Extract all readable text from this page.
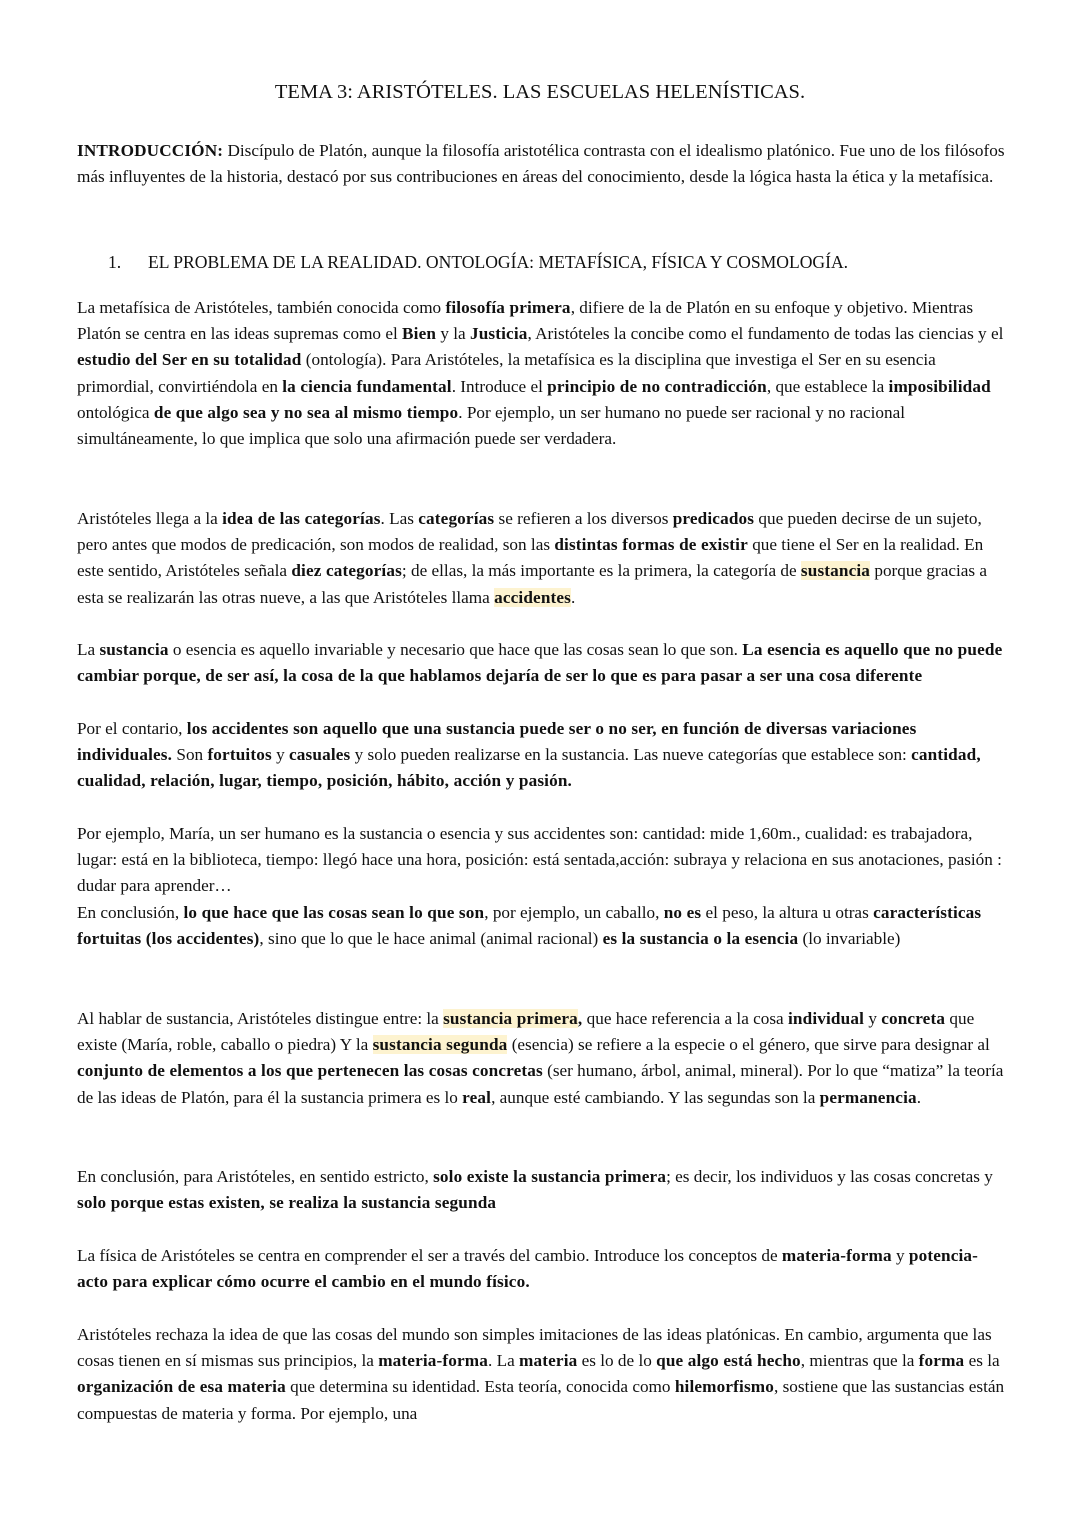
TEMA 3: ARISTÓTELES. LAS ESCUELAS HELENÍSTICAS.

INTRODUCCIÓN: Discípulo de Platón, aunque la filosofía aristotélica contrasta con el idealismo platónico. Fue uno de los filósofos más influyentes de la historia, destacó por sus contribuciones en áreas del conocimiento, desde la lógica hasta la ética y la metafísica.

1. EL PROBLEMA DE LA REALIDAD. ONTOLOGÍA: METAFÍSICA, FÍSICA Y COSMOLOGÍA.

La metafísica de Aristóteles, también conocida como filosofía primera, difiere de la de Platón en su enfoque y objetivo. Mientras Platón se centra en las ideas supremas como el Bien y la Justicia, Aristóteles la concibe como el fundamento de todas las ciencias y el estudio del Ser en su totalidad (ontología). Para Aristóteles, la metafísica es la disciplina que investiga el Ser en su esencia primordial, convirtiéndola en la ciencia fundamental. Introduce el principio de no contradicción, que establece la imposibilidad ontológica de que algo sea y no sea al mismo tiempo. Por ejemplo, un ser humano no puede ser racional y no racional simultáneamente, lo que implica que solo una afirmación puede ser verdadera.

Aristóteles llega a la idea de las categorías. Las categorías se refieren a los diversos predicados que pueden decirse de un sujeto, pero antes que modos de predicación, son modos de realidad, son las distintas formas de existir que tiene el Ser en la realidad. En este sentido, Aristóteles señala diez categorías; de ellas, la más importante es la primera, la categoría de sustancia porque gracias a esta se realizarán las otras nueve, a las que Aristóteles llama accidentes.

La sustancia o esencia es aquello invariable y necesario que hace que las cosas sean lo que son. La esencia es aquello que no puede cambiar porque, de ser así, la cosa de la que hablamos dejaría de ser lo que es para pasar a ser una cosa diferente

Por el contario, los accidentes son aquello que una sustancia puede ser o no ser, en función de diversas variaciones individuales. Son fortuitos y casuales y solo pueden realizarse en la sustancia. Las nueve categorías que establece son: cantidad, cualidad, relación, lugar, tiempo, posición, hábito, acción y pasión.

Por ejemplo, María, un ser humano es la sustancia o esencia y sus accidentes son: cantidad: mide 1,60m., cualidad: es trabajadora, lugar: está en la biblioteca, tiempo: llegó hace una hora, posición: está sentada,acción: subraya y relaciona en sus anotaciones, pasión : dudar para aprender…

En conclusión, lo que hace que las cosas sean lo que son, por ejemplo, un caballo, no es el peso, la altura u otras características fortuitas (los accidentes), sino que lo que le hace animal (animal racional) es la sustancia o la esencia (lo invariable)

Al hablar de sustancia, Aristóteles distingue entre: la sustancia primera, que hace referencia a la cosa individual y concreta que existe (María, roble, caballo o piedra) Y la sustancia segunda (esencia) se refiere a la especie o el género, que sirve para designar al conjunto de elementos a los que pertenecen las cosas concretas (ser humano, árbol, animal, mineral). Por lo que “matiza” la teoría de las ideas de Platón, para él la sustancia primera es lo real, aunque esté cambiando. Y las segundas son la permanencia.

En conclusión, para Aristóteles, en sentido estricto, solo existe la sustancia primera; es decir, los individuos y las cosas concretas y solo porque estas existen, se realiza la sustancia segunda

La física de Aristóteles se centra en comprender el ser a través del cambio. Introduce los conceptos de materia-forma y potencia-acto para explicar cómo ocurre el cambio en el mundo físico.

Aristóteles rechaza la idea de que las cosas del mundo son simples imitaciones de las ideas platónicas. En cambio, argumenta que las cosas tienen en sí mismas sus principios, la materia-forma. La materia es lo de lo que algo está hecho, mientras que la forma es la organización de esa materia que determina su identidad. Esta teoría, conocida como hilemorfismo, sostiene que las sustancias están compuestas de materia y forma. Por ejemplo, una
